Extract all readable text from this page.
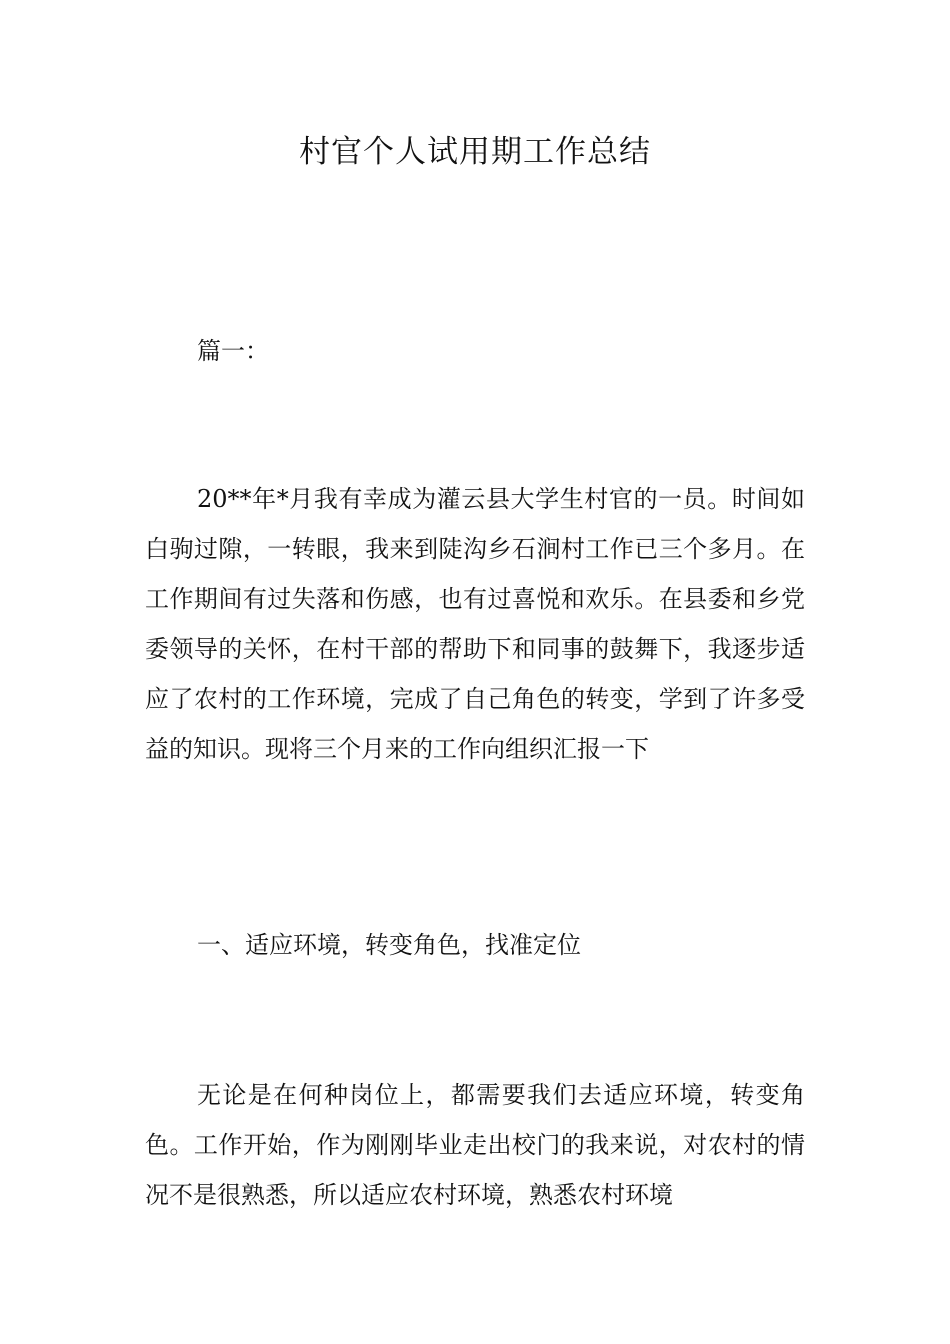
村官个人试用期工作总结

篇一：

20**年*月我有幸成为灌云县大学生村官的一员。时间如白驹过隙，一转眼，我来到陡沟乡石涧村工作已三个多月。在工作期间有过失落和伤感，也有过喜悦和欢乐。在县委和乡党委领导的关怀，在村干部的帮助下和同事的鼓舞下，我逐步适应了农村的工作环境，完成了自己角色的转变，学到了许多受益的知识。现将三个月来的工作向组织汇报一下

一、适应环境，转变角色，找准定位

无论是在何种岗位上，都需要我们去适应环境，转变角色。工作开始，作为刚刚毕业走出校门的我来说，对农村的情况不是很熟悉，所以适应农村环境，熟悉农村环境
